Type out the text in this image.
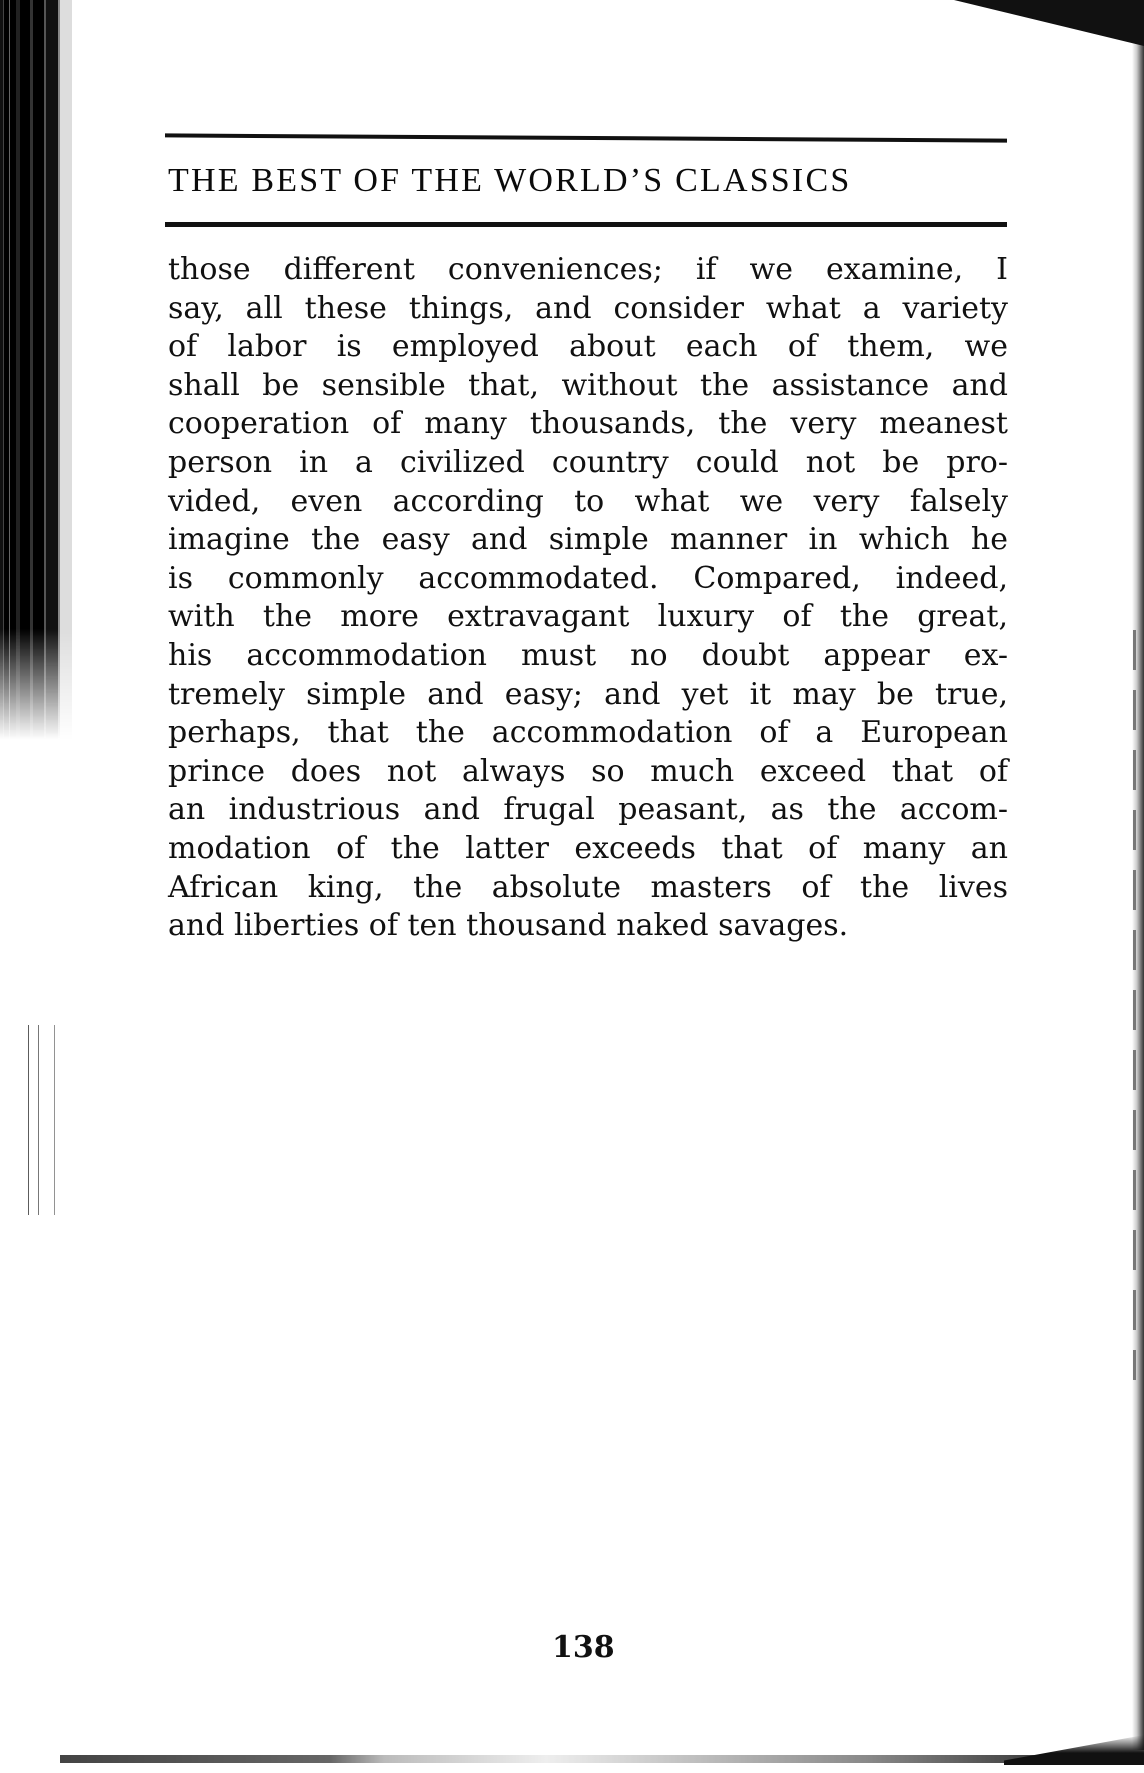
THE BEST OF THE WORLD’S CLASSICS
those different conveniences; if we examine, I
say, all these things, and consider what a variety
of labor is employed about each of them, we
shall be sensible that, without the assistance and
cooperation of many thousands, the very meanest
person in a civilized country could not be pro-
vided, even according to what we very falsely
imagine the easy and simple manner in which he
is commonly accommodated. Compared, indeed,
with the more extravagant luxury of the great,
his accommodation must no doubt appear ex-
tremely simple and easy; and yet it may be true,
perhaps, that the accommodation of a European
prince does not always so much exceed that of
an industrious and frugal peasant, as the accom-
modation of the latter exceeds that of many an
African king, the absolute masters of the lives
and liberties of ten thousand naked savages.
138
